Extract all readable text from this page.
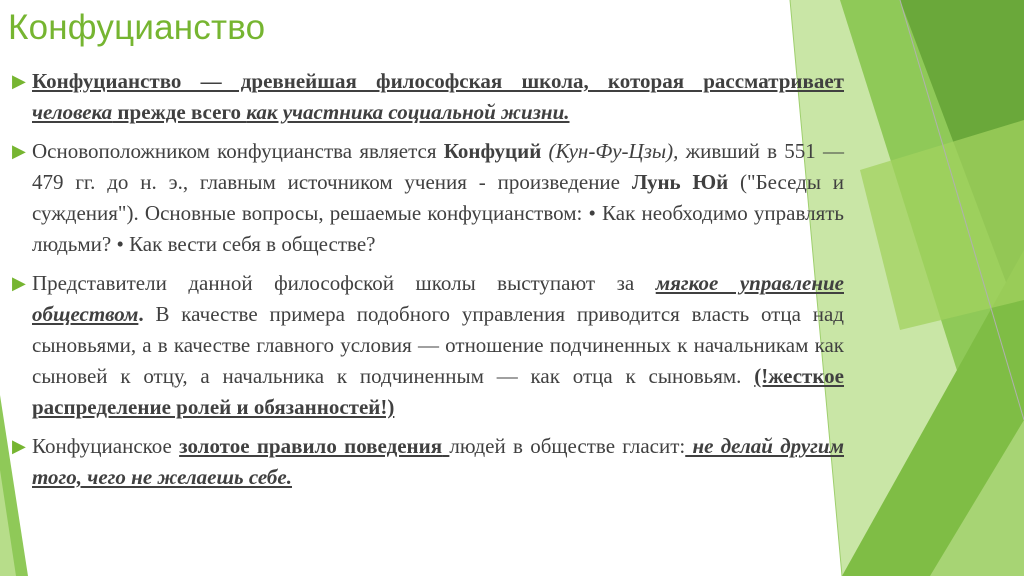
Конфуцианство
▶ Конфуцианство — древнейшая философская школа, которая рассматривает человека прежде всего как участника социальной жизни.
▶ Основоположником конфуцианства является Конфуций (Кун-Фу-Цзы), живший в 551 — 479 гг. до н. э., главным источником учения - произведение Лунь Юй ("Беседы и суждения"). Основные вопросы, решаемые конфуцианством: • Как необходимо управлять людьми? • Как вести себя в обществе?
▶ Представители данной философской школы выступают за мягкое управление обществом. В качестве примера подобного управления приводится власть отца над сыновьями, а в качестве главного условия — отношение подчиненных к начальникам как сыновей к отцу, а начальника к подчиненным — как отца к сыновьям. (!жесткое распределение ролей и обязанностей!)
▶ Конфуцианское золотое правило поведения людей в обществе гласит: не делай другим того, чего не желаешь себе.
